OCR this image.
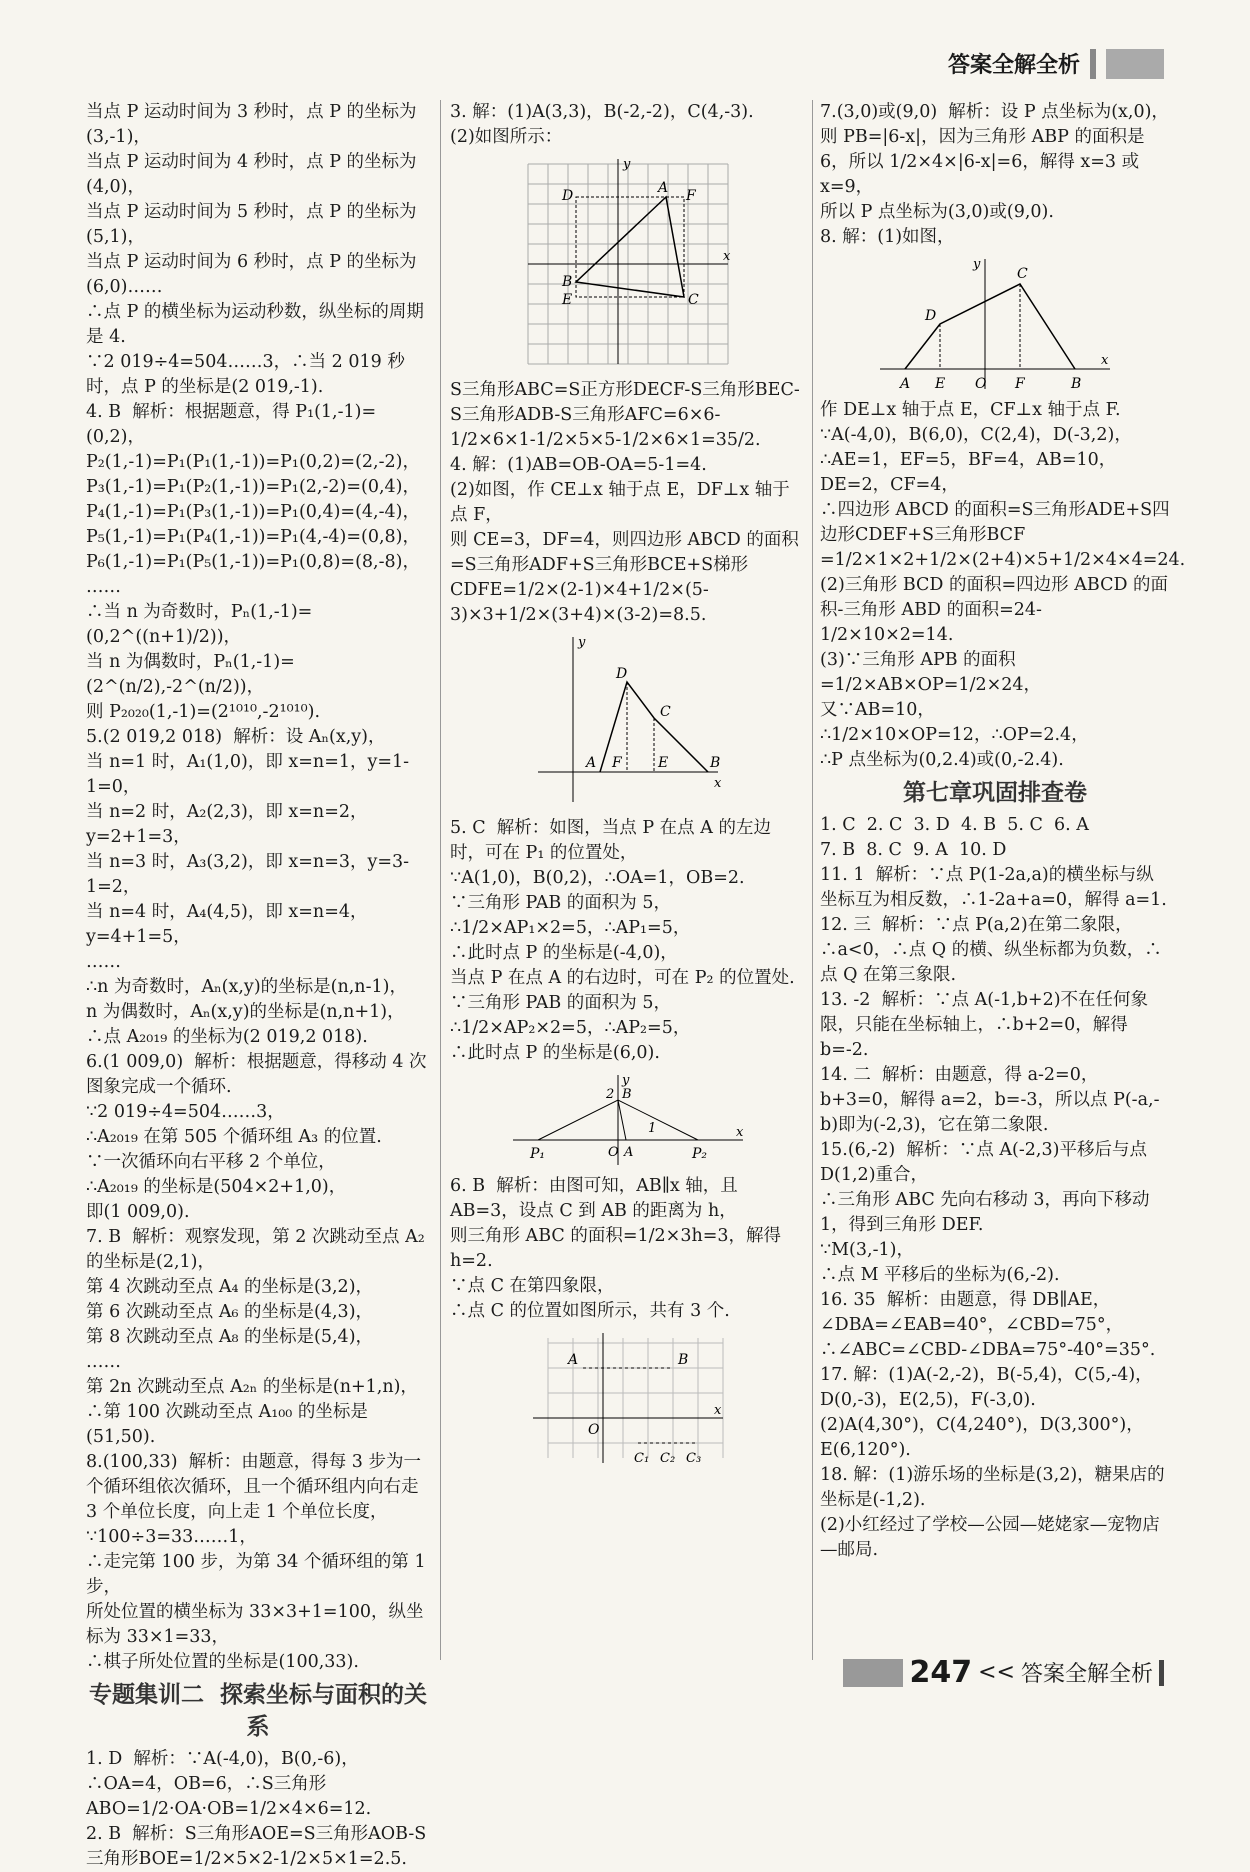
答案全解全析

当点 P 运动时间为 3 秒时，点 P 的坐标为(3,-1)，

当点 P 运动时间为 4 秒时，点 P 的坐标为(4,0)，

当点 P 运动时间为 5 秒时，点 P 的坐标为(5,1)，

当点 P 运动时间为 6 秒时，点 P 的坐标为(6,0)……

∴点 P 的横坐标为运动秒数，纵坐标的周期是 4.

∵2 019÷4=504……3，∴当 2 019 秒时，点 P 的坐标是(2 019,-1).

4. B  解析：根据题意，得 P₁(1,-1)=(0,2)，

P₂(1,-1)=P₁(P₁(1,-1))=P₁(0,2)=(2,-2)，

P₃(1,-1)=P₁(P₂(1,-1))=P₁(2,-2)=(0,4)，

P₄(1,-1)=P₁(P₃(1,-1))=P₁(0,4)=(4,-4)，

P₅(1,-1)=P₁(P₄(1,-1))=P₁(4,-4)=(0,8)，

P₆(1,-1)=P₁(P₅(1,-1))=P₁(0,8)=(8,-8)，

……

∴当 n 为奇数时，Pₙ(1,-1)=(0,2^((n+1)/2))，

当 n 为偶数时，Pₙ(1,-1)=(2^(n/2),-2^(n/2))，

则 P₂₀₂₀(1,-1)=(2¹⁰¹⁰,-2¹⁰¹⁰).

5.(2 019,2 018)  解析：设 Aₙ(x,y)，

当 n=1 时，A₁(1,0)，即 x=n=1，y=1-1=0，

当 n=2 时，A₂(2,3)，即 x=n=2，y=2+1=3，

当 n=3 时，A₃(3,2)，即 x=n=3，y=3-1=2，

当 n=4 时，A₄(4,5)，即 x=n=4，y=4+1=5，

……

∴n 为奇数时，Aₙ(x,y)的坐标是(n,n-1)，

n 为偶数时，Aₙ(x,y)的坐标是(n,n+1)，

∴点 A₂₀₁₉ 的坐标为(2 019,2 018).

6.(1 009,0)  解析：根据题意，得移动 4 次图象完成一个循环.

∵2 019÷4=504……3，

∴A₂₀₁₉ 在第 505 个循环组 A₃ 的位置.

∵一次循环向右平移 2 个单位，

∴A₂₀₁₉ 的坐标是(504×2+1,0)，

即(1 009,0).

7. B  解析：观察发现，第 2 次跳动至点 A₂ 的坐标是(2,1)，

第 4 次跳动至点 A₄ 的坐标是(3,2)，

第 6 次跳动至点 A₆ 的坐标是(4,3)，

第 8 次跳动至点 A₈ 的坐标是(5,4)，

……

第 2n 次跳动至点 A₂ₙ 的坐标是(n+1,n)，

∴第 100 次跳动至点 A₁₀₀ 的坐标是(51,50).

8.(100,33)  解析：由题意，得每 3 步为一个循环组依次循环，且一个循环组内向右走 3 个单位长度，向上走 1 个单位长度，

∵100÷3=33……1，

∴走完第 100 步，为第 34 个循环组的第 1 步，

所处位置的横坐标为 33×3+1=100，纵坐标为 33×1=33，

∴棋子所处位置的坐标是(100,33).

专题集训二  探索坐标与面积的关系

1. D  解析：∵A(-4,0)，B(0,-6)，∴OA=4，OB=6，∴S三角形ABO=1/2·OA·OB=1/2×4×6=12.

2. B  解析：S三角形AOE=S三角形AOB-S三角形BOE=1/2×5×2-1/2×5×1=2.5.

3. 解：(1)A(3,3)，B(-2,-2)，C(4,-3).

(2)如图所示：

A
B
C
D
E
F
x
y

S三角形ABC=S正方形DECF-S三角形BEC-S三角形ADB-S三角形AFC=6×6-1/2×6×1-1/2×5×5-1/2×6×1=35/2.

4. 解：(1)AB=OB-OA=5-1=4.

(2)如图，作 CE⊥x 轴于点 E，DF⊥x 轴于点 F，

则 CE=3，DF=4，则四边形 ABCD 的面积=S三角形ADF+S三角形BCE+S梯形CDFE=1/2×(2-1)×4+1/2×(5-3)×3+1/2×(3+4)×(3-2)=8.5.

A	B
C
D
E
F
x
y

5. C  解析：如图，当点 P 在点 A 的左边时，可在 P₁ 的位置处，

∵A(1,0)，B(0,2)，∴OA=1，OB=2.

∵三角形 PAB 的面积为 5，

∴1/2×AP₁×2=5，∴AP₁=5，

∴此时点 P 的坐标是(-4,0)，

当点 P 在点 A 的右边时，可在 P₂ 的位置处.

∵三角形 PAB 的面积为 5，

∴1/2×AP₂×2=5，∴AP₂=5，

∴此时点 P 的坐标是(6,0).

P₁	P₂
O A
B
1
2
x
y

6. B  解析：由图可知，AB∥x 轴，且 AB=3，设点 C 到 AB 的距离为 h，

则三角形 ABC 的面积=1/2×3h=3，解得 h=2.

∵点 C 在第四象限，

∴点 C 的位置如图所示，共有 3 个.

A	B
O
C₁ C₂ C₃
x

7.(3,0)或(9,0)  解析：设 P 点坐标为(x,0)，则 PB=|6-x|，因为三角形 ABP 的面积是 6，所以 1/2×4×|6-x|=6，解得 x=3 或 x=9，

所以 P 点坐标为(3,0)或(9,0).

8. 解：(1)如图，

A E O F	B
C
D
x
y

作 DE⊥x 轴于点 E，CF⊥x 轴于点 F.

∵A(-4,0)，B(6,0)，C(2,4)，D(-3,2)，

∴AE=1，EF=5，BF=4，AB=10，DE=2，CF=4，

∴四边形 ABCD 的面积=S三角形ADE+S四边形CDEF+S三角形BCF

=1/2×1×2+1/2×(2+4)×5+1/2×4×4=24.

(2)三角形 BCD 的面积=四边形 ABCD 的面积-三角形 ABD 的面积=24-1/2×10×2=14.

(3)∵三角形 APB 的面积=1/2×AB×OP=1/2×24，

又∵AB=10，

∴1/2×10×OP=12，∴OP=2.4，

∴P 点坐标为(0,2.4)或(0,-2.4).

第七章巩固排查卷

1. C  2. C  3. D  4. B  5. C  6. A

7. B  8. C  9. A  10. D

11. 1  解析：∵点 P(1-2a,a)的横坐标与纵坐标互为相反数，∴1-2a+a=0，解得 a=1.

12. 三  解析：∵点 P(a,2)在第二象限，∴a<0，∴点 Q 的横、纵坐标都为负数，∴点 Q 在第三象限.

13. -2  解析：∵点 A(-1,b+2)不在任何象限，只能在坐标轴上，∴b+2=0，解得 b=-2.

14. 二  解析：由题意，得 a-2=0，b+3=0，解得 a=2，b=-3，所以点 P(-a,-b)即为(-2,3)，它在第二象限.

15.(6,-2)  解析：∵点 A(-2,3)平移后与点 D(1,2)重合，

∴三角形 ABC 先向右移动 3，再向下移动 1，得到三角形 DEF.

∵M(3,-1)，

∴点 M 平移后的坐标为(6,-2).

16. 35  解析：由题意，得 DB∥AE，∠DBA=∠EAB=40°，∠CBD=75°，∴∠ABC=∠CBD-∠DBA=75°-40°=35°.

17. 解：(1)A(-2,-2)，B(-5,4)，C(5,-4)，D(0,-3)，E(2,5)，F(-3,0).

(2)A(4,30°)，C(4,240°)，D(3,300°)，E(6,120°).

18. 解：(1)游乐场的坐标是(3,2)，糖果店的坐标是(-1,2).

(2)小红经过了学校—公园—姥姥家—宠物店—邮局.

247 << 答案全解全析
